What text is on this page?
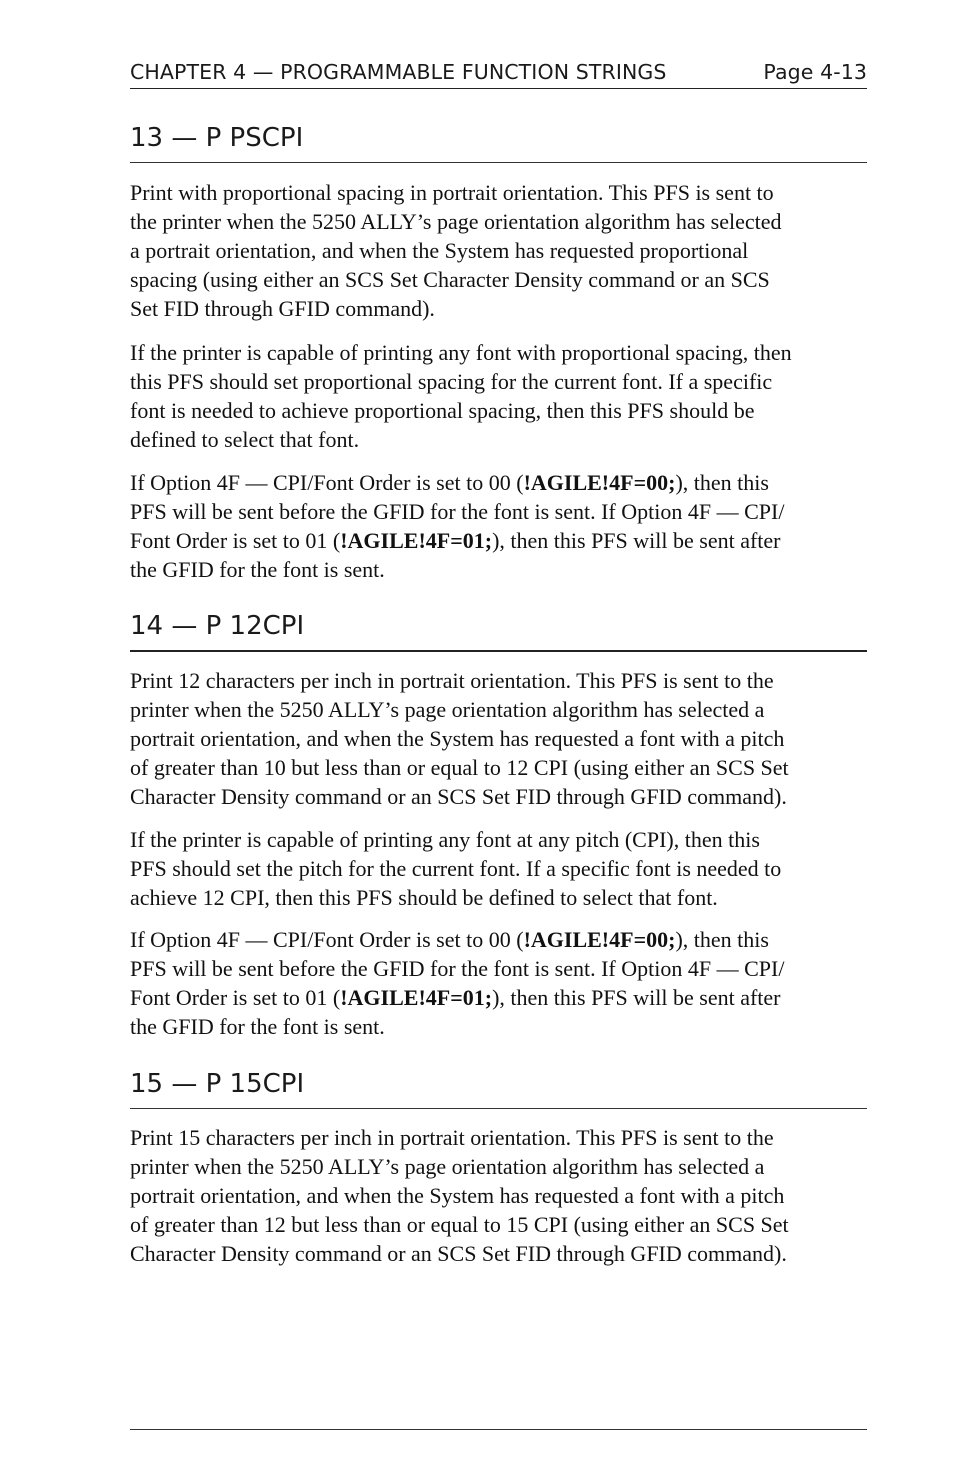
CHAPTER 4 — PROGRAMMABLE FUNCTION STRINGS	Page 4-13
13 — P PSCPI

Print with proportional spacing in portrait orientation. This PFS is sent to
the printer when the 5250 ALLY’s page orientation algorithm has selected
a portrait orientation, and when the System has requested proportional
spacing (using either an SCS Set Character Density command or an SCS
Set FID through GFID command).

If the printer is capable of printing any font with proportional spacing, then
this PFS should set proportional spacing for the current font. If a specific
font is needed to achieve proportional spacing, then this PFS should be
defined to select that font.

If Option 4F — CPI/Font Order is set to 00 (!AGILE!4F=00;), then this
PFS will be sent before the GFID for the font is sent. If Option 4F — CPI/
Font Order is set to 01 (!AGILE!4F=01;), then this PFS will be sent after
the GFID for the font is sent.

14 — P 12CPI

Print 12 characters per inch in portrait orientation. This PFS is sent to the
printer when the 5250 ALLY’s page orientation algorithm has selected a
portrait orientation, and when the System has requested a font with a pitch
of greater than 10 but less than or equal to 12 CPI (using either an SCS Set
Character Density command or an SCS Set FID through GFID command).

If the printer is capable of printing any font at any pitch (CPI), then this
PFS should set the pitch for the current font. If a specific font is needed to
achieve 12 CPI, then this PFS should be defined to select that font.

If Option 4F — CPI/Font Order is set to 00 (!AGILE!4F=00;), then this
PFS will be sent before the GFID for the font is sent. If Option 4F — CPI/
Font Order is set to 01 (!AGILE!4F=01;), then this PFS will be sent after
the GFID for the font is sent.

15 — P 15CPI

Print 15 characters per inch in portrait orientation. This PFS is sent to the
printer when the 5250 ALLY’s page orientation algorithm has selected a
portrait orientation, and when the System has requested a font with a pitch
of greater than 12 but less than or equal to 15 CPI (using either an SCS Set
Character Density command or an SCS Set FID through GFID command).
